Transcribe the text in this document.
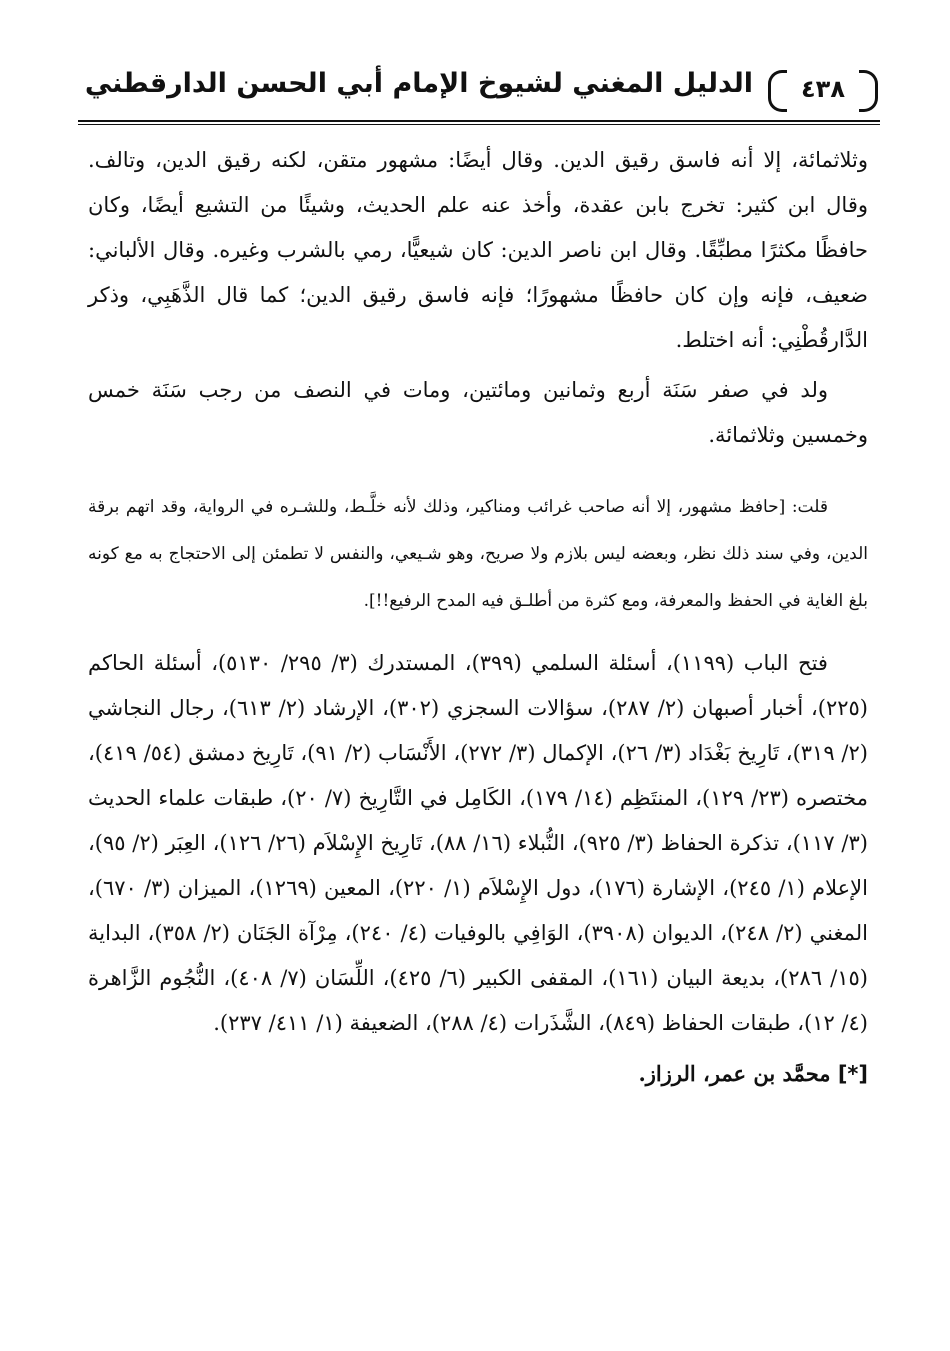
٤٣٨
الدليل المغني لشيوخ الإمام أبي الحسن الدارقطني

وثلاثمائة، إلا أنه فاسق رقيق الدين. وقال أيضًا: مشهور متقن، لكنه رقيق الدين، وتالف. وقال ابن كثير: تخرج بابن عقدة، وأخذ عنه علم الحديث، وشيئًا من التشيع أيضًا، وكان حافظًا مكثرًا مطبِّقًا. وقال ابن ناصر الدين: كان شيعيًّا، رمي بالشرب وغيره. وقال الألباني: ضعيف، فإنه وإن كان حافظًا مشهورًا؛ فإنه فاسق رقيق الدين؛ كما قال الذَّهَبِي، وذكر الدَّارقُطْنِي: أنه اختلط.

ولد في صفر سَنَة أربع وثمانين ومائتين، ومات في النصف من رجب سَنَة خمس وخمسين وثلاثمائة.

قلت: [حافظ مشهور، إلا أنه صاحب غرائب ومناكير، وذلك لأنه خلَّـط، وللشـره في الرواية، وقد اتهم برقة الدين، وفي سند ذلك نظر، وبعضه ليس بلازم ولا صريح، وهو شـيعي، والنفس لا تطمئن إلى الاحتجاج به مع كونه بلغ الغاية في الحفظ والمعرفة، ومع كثرة من أطلـق فيه المدح الرفيع!!].

فتح الباب (١١٩٩)، أسئلة السلمي (٣٩٩)، المستدرك (٣/ ٢٩٥/ ٥١٣٠)، أسئلة الحاكم (٢٢٥)، أخبار أصبهان (٢/ ٢٨٧)، سؤالات السجزي (٣٠٢)، الإرشاد (٢/ ٦١٣)، رجال النجاشي (٢/ ٣١٩)، تَارِيخ بَغْدَاد (٣/ ٢٦)، الإكمال (٣/ ٢٧٢)، الأَنْسَاب (٢/ ٩١)، تَارِيخ دمشق (٥٤/ ٤١٩)، مختصره (٢٣/ ١٢٩)، المنتَظِم (١٤/ ١٧٩)، الكَامِل في التَّارِيخ (٧/ ٢٠)، طبقات علماء الحديث (٣/ ١١٧)، تذكرة الحفاظ (٣/ ٩٢٥)، النُّبلاء (١٦/ ٨٨)، تَارِيخ الإِسْلاَم (٢٦/ ١٢٦)، العِبَر (٢/ ٩٥)، الإعلام (١/ ٢٤٥)، الإشارة (١٧٦)، دول الإِسْلاَم (١/ ٢٢٠)، المعين (١٢٦٩)، الميزان (٣/ ٦٧٠)، المغني (٢/ ٢٤٨)، الديوان (٣٩٠٨)، الوَافِي بالوفيات (٤/ ٢٤٠)، مِرْآة الجَنَان (٢/ ٣٥٨)، البداية (١٥/ ٢٨٦)، بديعة البيان (١٦١)، المقفى الكبير (٦/ ٤٢٥)، اللِّسَان (٧/ ٤٠٨)، النُّجُوم الزَّاهرة (٤/ ١٢)، طبقات الحفاظ (٨٤٩)، الشَّذَرات (٤/ ٢٨٨)، الضعيفة (١/ ٤١١/ ٢٣٧).

[*] محمَّد بن عمر، الرزاز.
